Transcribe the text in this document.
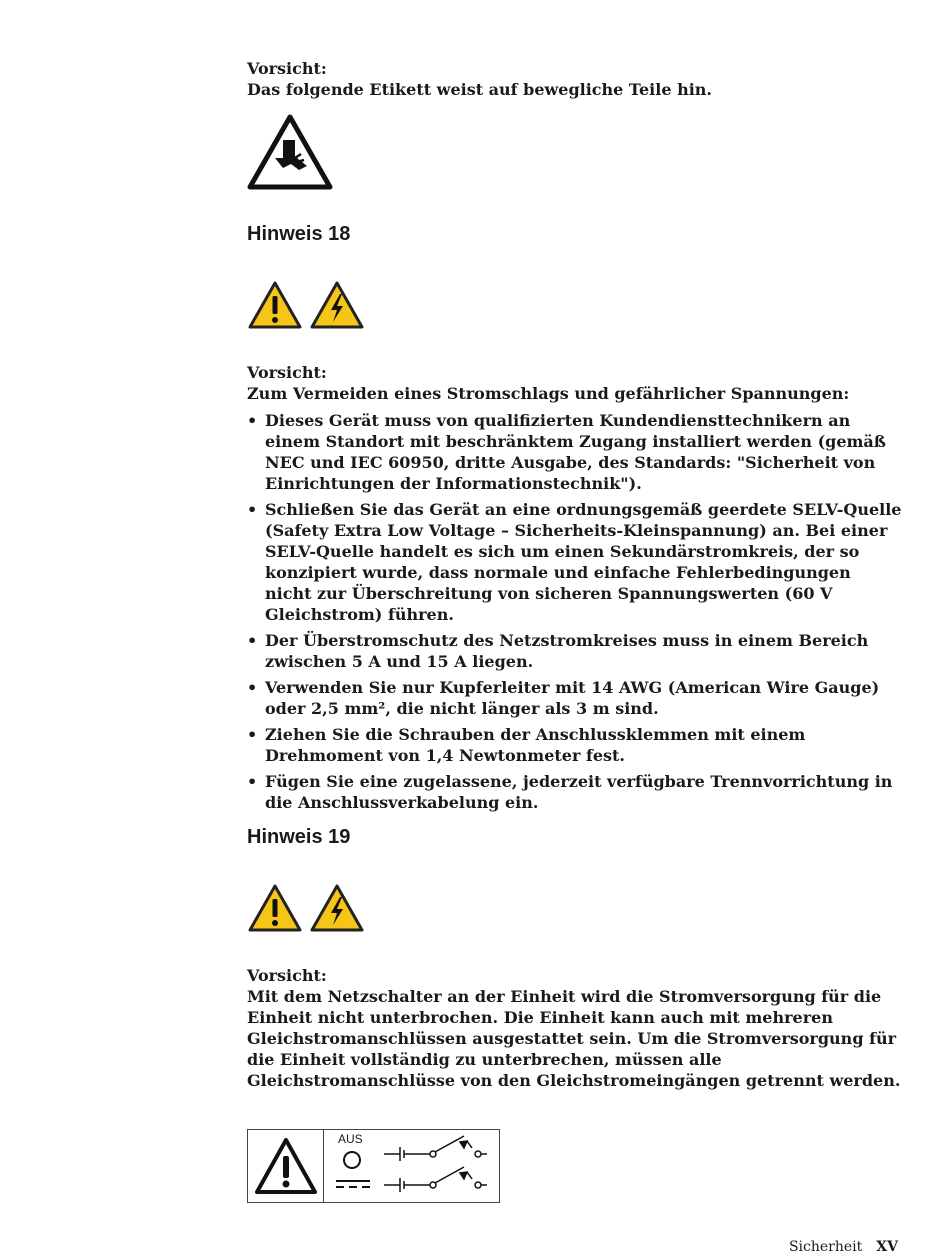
Vorsicht:

Das folgende Etikett weist auf bewegliche Teile hin.

Hinweis 18

Vorsicht:

Zum Vermeiden eines Stromschlags und gefährlicher Spannungen:

• Dieses Gerät muss von qualifizierten Kundendiensttechnikern an einem Standort mit beschränktem Zugang installiert werden (gemäß NEC und IEC 60950, dritte Ausgabe, des Standards: "Sicherheit von Einrichtungen der Informationstechnik").
• Schließen Sie das Gerät an eine ordnungsgemäß geerdete SELV-Quelle (Safety Extra Low Voltage – Sicherheits-Kleinspannung) an. Bei einer SELV-Quelle handelt es sich um einen Sekundärstromkreis, der so konzipiert wurde, dass normale und einfache Fehlerbedingungen nicht zur Überschreitung von sicheren Spannungswerten (60 V Gleichstrom) führen.
• Der Überstromschutz des Netzstromkreises muss in einem Bereich zwischen 5 A und 15 A liegen.
• Verwenden Sie nur Kupferleiter mit 14 AWG (American Wire Gauge) oder 2,5 mm², die nicht länger als 3 m sind.
• Ziehen Sie die Schrauben der Anschlussklemmen mit einem Drehmoment von 1,4 Newtonmeter fest.
• Fügen Sie eine zugelassene, jederzeit verfügbare Trennvorrichtung in die Anschlussverkabelung ein.
Hinweis 19

Vorsicht:

Mit dem Netzschalter an der Einheit wird die Stromversorgung für die Einheit nicht unterbrochen. Die Einheit kann auch mit mehreren Gleichstromanschlüssen ausgestattet sein. Um die Stromversorgung für die Einheit vollständig zu unterbrechen, müssen alle Gleichstromanschlüsse von den Gleichstromeingängen getrennt werden.

AUS
Sicherheit XV
